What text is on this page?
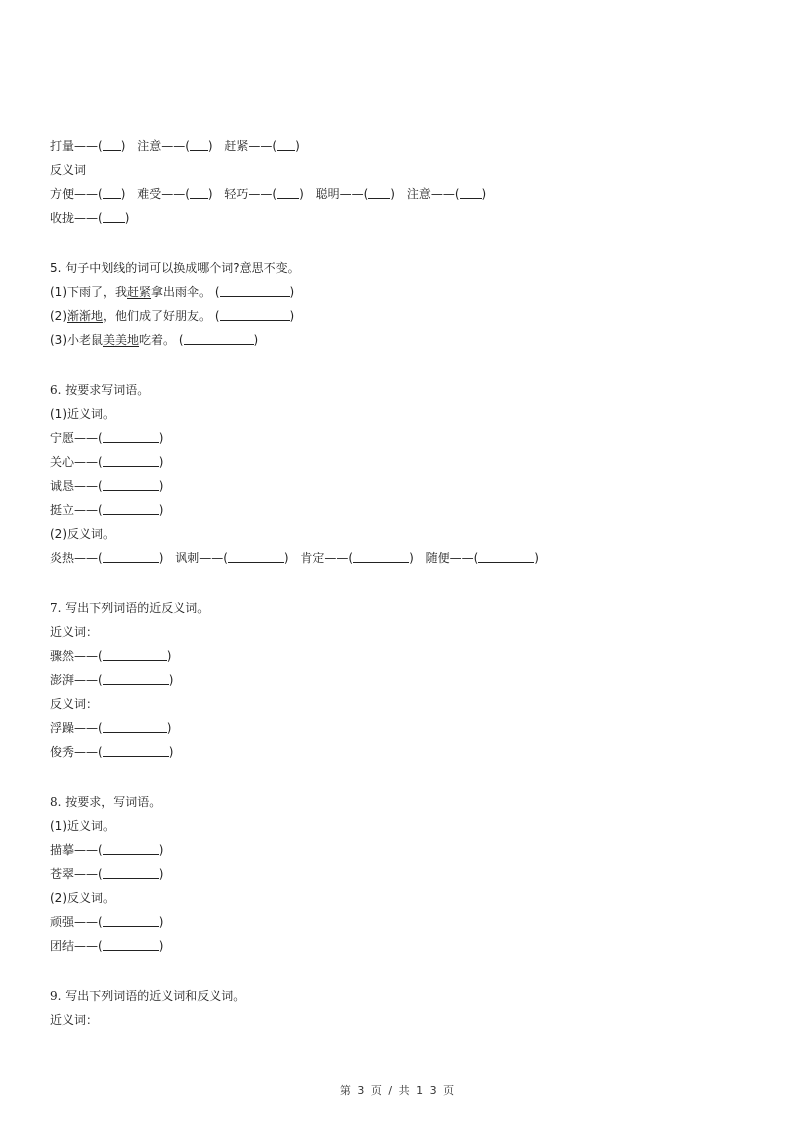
打量——( ) 注意——( ) 赶紧——( )
反义词
方便——( ) 难受——( ) 轻巧——( ) 聪明——( ) 注意——( )
收拢——( )
5. 句子中划线的词可以换成哪个词?意思不变。
(1)下雨了，我赶紧拿出雨伞。 (	)
(2)渐渐地，他们成了好朋友。 (	)
(3)小老鼠美美地吃着。 (	)
6. 按要求写词语。
(1)近义词。
宁愿——(	)
关心——(	)
诚恳——(	)
挺立——(	)
(2)反义词。
炎热——(	) 讽刺——(	) 肯定——(	) 随便——(	)
7. 写出下列词语的近反义词。
近义词：
骤然——(	)
澎湃——(	)
反义词：
浮躁——(	)
俊秀——(	)
8. 按要求，写词语。
(1)近义词。
描摹——(	)
苍翠——(	)
(2)反义词。
顽强——(	)
团结——(	)
9. 写出下列词语的近义词和反义词。
近义词：
第 3 页 / 共 1 3 页
